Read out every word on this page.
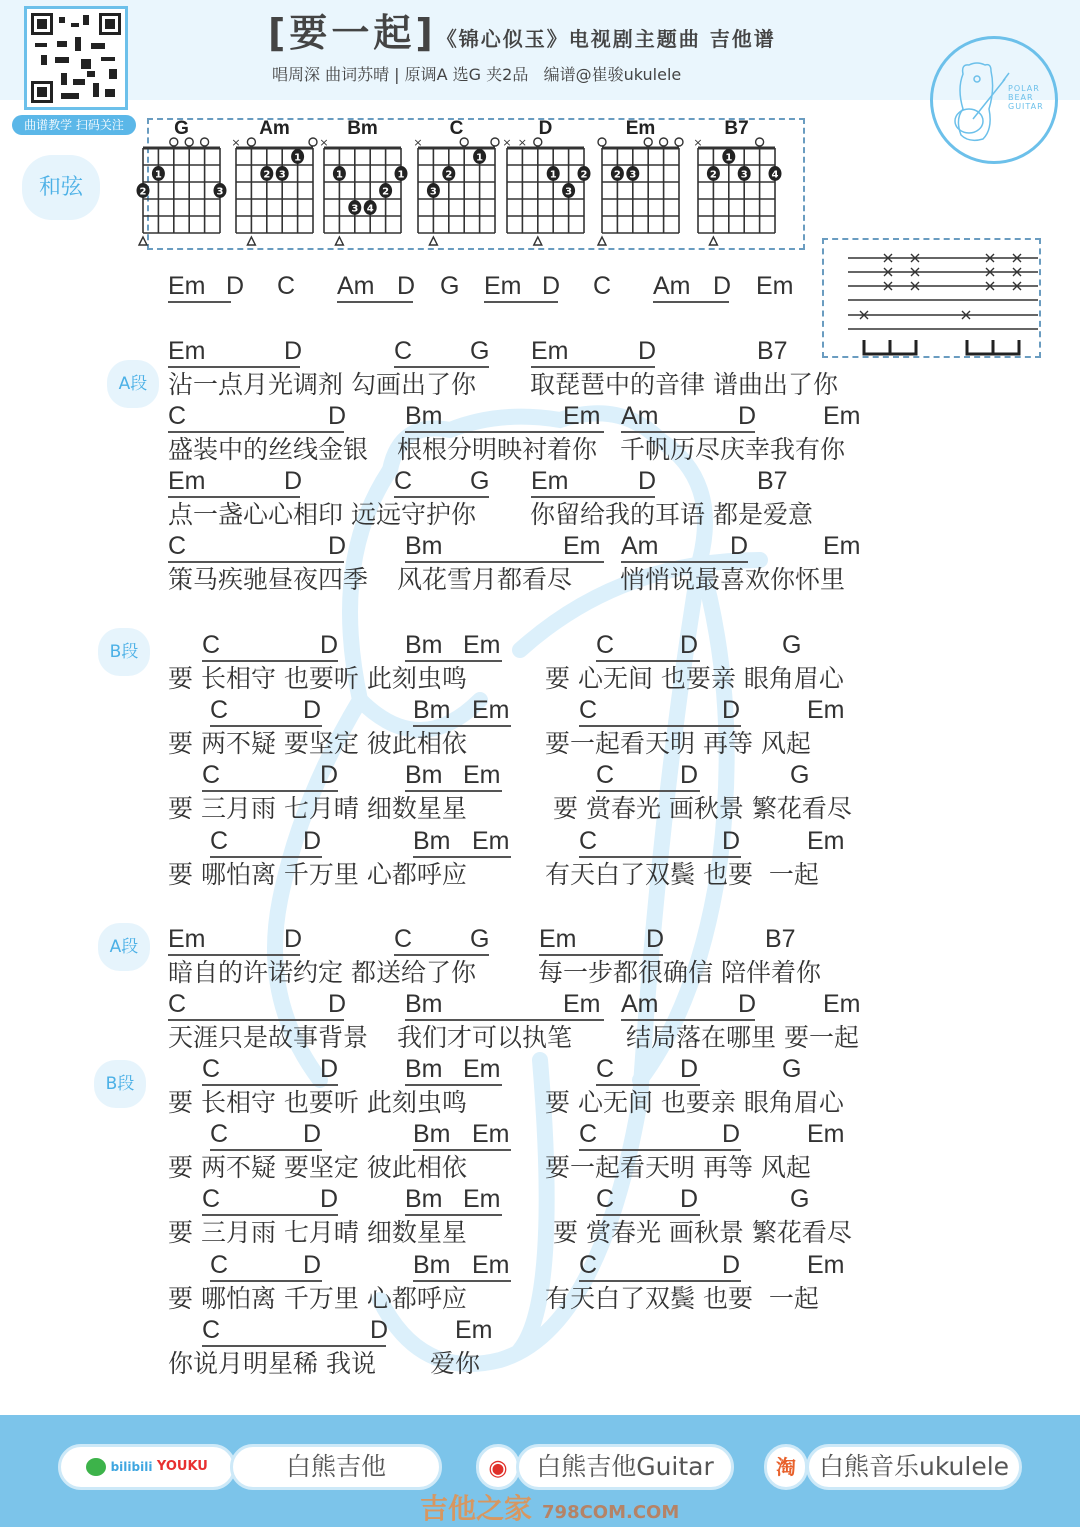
曲谱教学 扫码关注
[要一起]《锦心似玉》电视剧主题曲 吉他谱
唱周深 曲词苏晴 | 原调A 选G 夹2品   编谱@崔骏ukulele
POLAR BEAR GUITAR
和弦	1
2	3
G
×
1
2 3
Am
×
1	1
2
3 4
Bm
×
1
2
3
C
× ×
1 2
3
D
2 3
Em
×
1
2 3 4
B7
A段
B段
A段
B段
Em D C Am D G Em D C Am D Em
Em	D	C G Em	D	B7
沾一点月光调剂 勾画出了你 取琵琶中的音律 谱曲出了你
C	D Bm	Em Am	D	Em
盛装中的丝线金银 根根分明映衬着你 千帆历尽庆幸我有你
Em	D	C G Em	D	B7
点一盏心心相印 远远守护你 你留给我的耳语 都是爱意
C	D Bm	Em Am	D	Em
策马疾驰昼夜四季 风花雪月都看尽 悄悄说最喜欢你怀里
C	D	Bm Em	C	D	G
要 长相守 也要听 此刻虫鸣	要 心无间 也要亲 眼角眉心
C	D	Bm Em	C	D	Em
要 两不疑 要坚定 彼此相依	要一起看天明 再等 风起
C	D	Bm Em	C	D	G
要 三月雨 七月晴 细数星星	要 赏春光 画秋景 繁花看尽
C	D	Bm Em	C	D	Em
要 哪怕离 千万里 心都呼应	有天白了双鬓 也要  一起
Em	D	C G Em	D	B7
暗自的许诺约定 都送给了你 每一步都很确信 陪伴着你
C	D Bm	Em Am	D	Em
天涯只是故事背景 我们才可以执笔 结局落在哪里 要一起
C	D	Bm Em	C	D	G
要 长相守 也要听 此刻虫鸣	要 心无间 也要亲 眼角眉心
C	D	Bm Em	C	D	Em
要 两不疑 要坚定 彼此相依	要一起看天明 再等 风起
C	D	Bm Em	C	D	G
要 三月雨 七月晴 细数星星	要 赏春光 画秋景 繁花看尽
C	D	Bm Em	C	D	Em
要 哪怕离 千万里 心都呼应	有天白了双鬓 也要  一起
C	D	Em
你说月明星稀 我说 爱你
bilibili YOUKU	白熊吉他	◉	白熊吉他Guitar	淘 白熊音乐ukulele
吉他之家 798COM.COM
